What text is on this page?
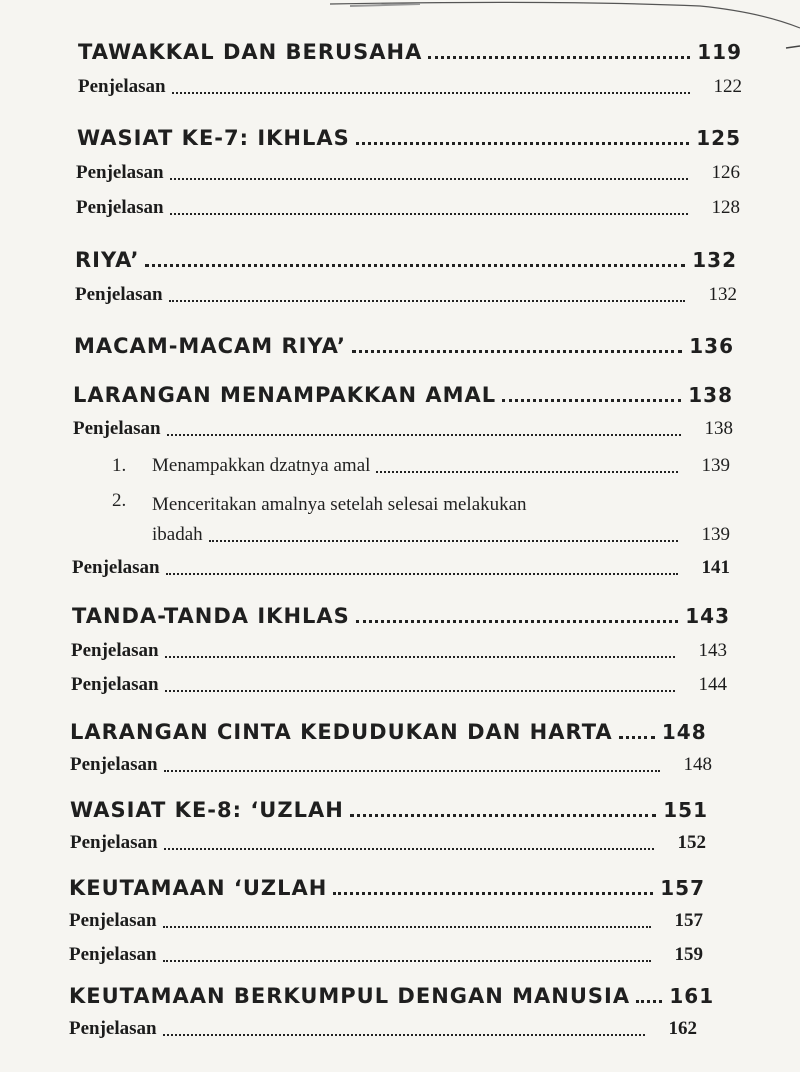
TAWAKKAL DAN BERUSAHA	119
Penjelasan	122
WASIAT KE-7: IKHLAS	125
Penjelasan	126
Penjelasan	128
RIYA’	132
Penjelasan	132
MACAM-MACAM RIYA’	136
LARANGAN MENAMPAKKAN AMAL	138
Penjelasan	138
1. Menampakkan dzatnya amal	139
2. Menceritakan amalnya setelah selesai melakukan
ibadah	139
Penjelasan	141
TANDA-TANDA IKHLAS	143
Penjelasan	143
Penjelasan	144
LARANGAN CINTA KEDUDUKAN DAN HARTA 148
Penjelasan	148
WASIAT KE-8: ‘UZLAH	151
Penjelasan	152
KEUTAMAAN ‘UZLAH	157
Penjelasan	157
Penjelasan	159
KEUTAMAAN BERKUMPUL DENGAN MANUSIA 161
Penjelasan	162
